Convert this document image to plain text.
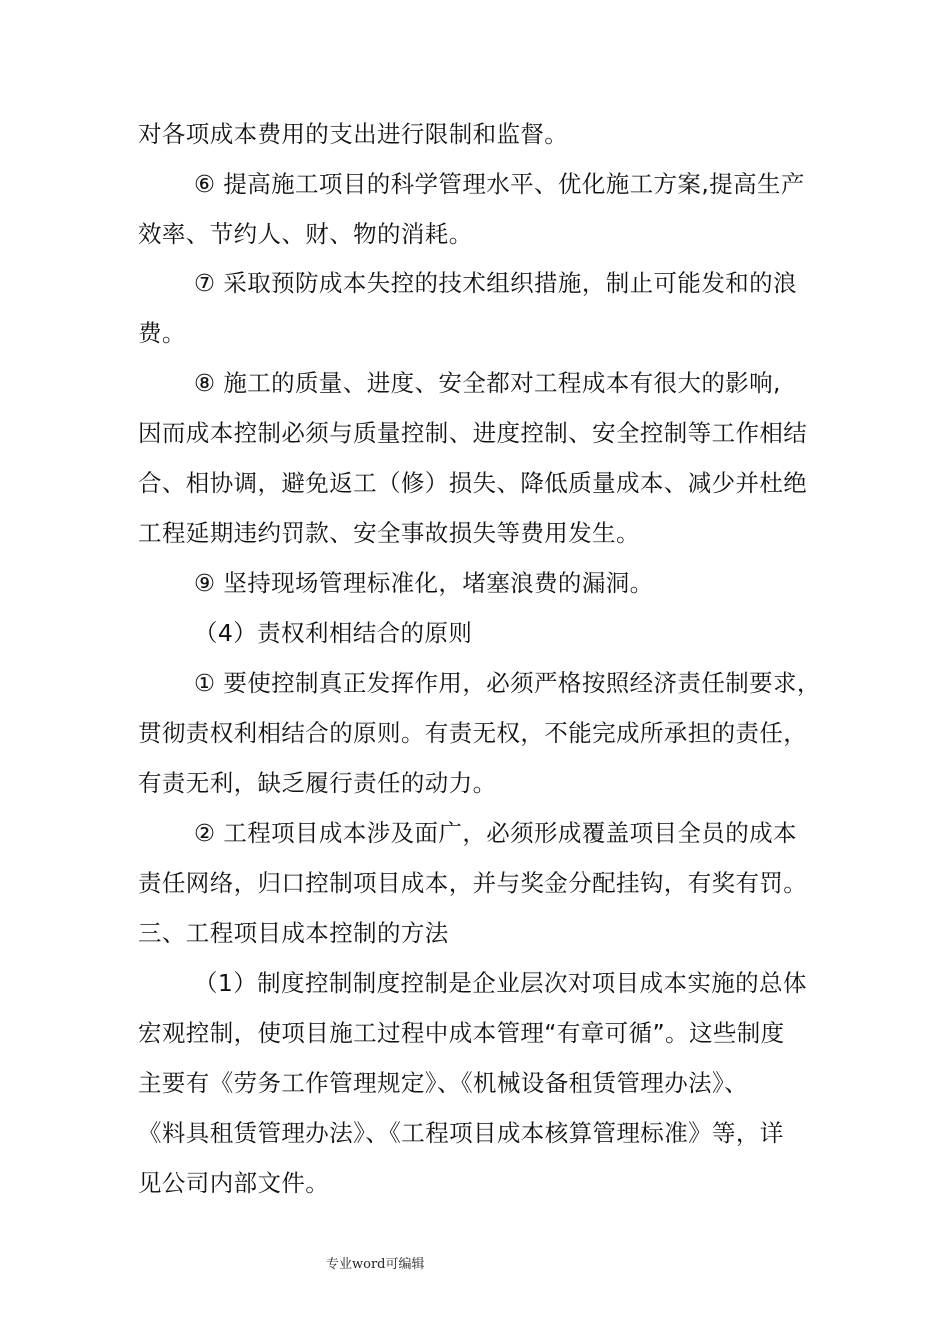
对各项成本费用的支出进行限制和监督。
⑥ 提高施工项目的科学管理水平、优化施工方案,提高生产
效率、节约人、财、物的消耗。
⑦ 采取预防成本失控的技术组织措施，制止可能发和的浪
费。
⑧ 施工的质量、进度、安全都对工程成本有很大的影响,
因而成本控制必须与质量控制、进度控制、安全控制等工作相结
合、相协调，避免返工（修）损失、降低质量成本、减少并杜绝
工程延期违约罚款、安全事故损失等费用发生。
⑨ 坚持现场管理标准化，堵塞浪费的漏洞。
（4）责权利相结合的原则
① 要使控制真正发挥作用，必须严格按照经济责任制要求，
贯彻责权利相结合的原则。有责无权，不能完成所承担的责任，
有责无利，缺乏履行责任的动力。
② 工程项目成本涉及面广，必须形成覆盖项目全员的成本
责任网络，归口控制项目成本，并与奖金分配挂钩，有奖有罚。
三、工程项目成本控制的方法
（1）制度控制制度控制是企业层次对项目成本实施的总体
宏观控制，使项目施工过程中成本管理“有章可循”。这些制度
主要有《劳务工作管理规定》、《机械设备租赁管理办法》、
《料具租赁管理办法》、《工程项目成本核算管理标准》等，详
见公司内部文件。
专业word可编辑
